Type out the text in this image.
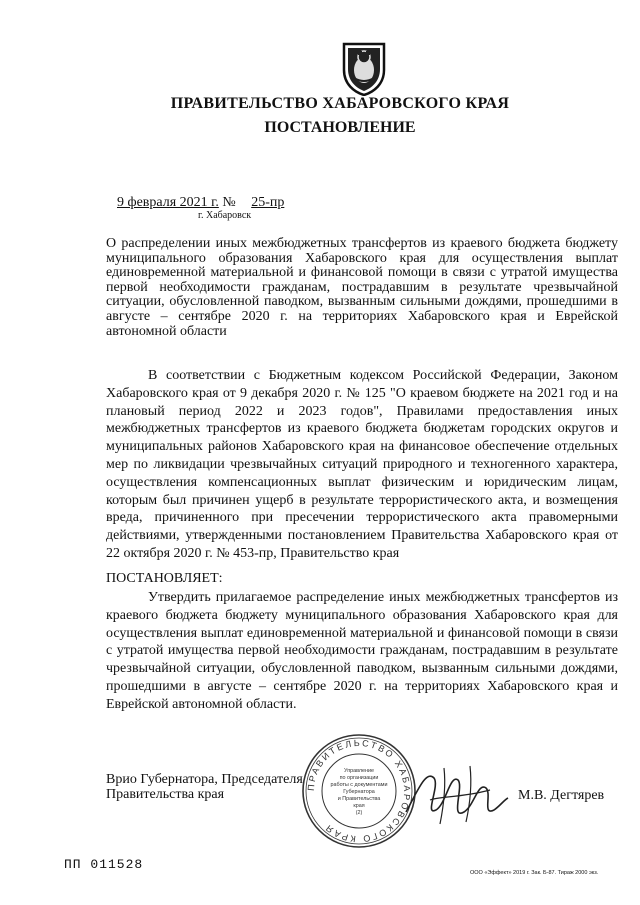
ПРАВИТЕЛЬСТВО ХАБАРОВСКОГО КРАЯ
ПОСТАНОВЛЕНИЕ
9 февраля 2021 г. № 25-пр
г. Хабаровск
О распределении иных межбюджетных трансфертов из краевого бюджета бюджету муниципального образования Хабаровского края для осуществления выплат единовременной материальной и финансовой помощи в связи с утратой имущества первой необходимости гражданам, пострадавшим в результате чрезвычайной ситуации, обусловленной паводком, вызванным сильными дождями, прошедшими в августе – сентябре 2020 г. на территориях Хабаровского края и Еврейской автономной области
В соответствии с Бюджетным кодексом Российской Федерации, Законом Хабаровского края от 9 декабря 2020 г. № 125 "О краевом бюджете на 2021 год и на плановый период 2022 и 2023 годов", Правилами предоставления иных межбюджетных трансфертов из краевого бюджета бюджетам городских округов и муниципальных районов Хабаровского края на финансовое обеспечение отдельных мер по ликвидации чрезвычайных ситуаций природного и техногенного характера, осуществления компенсационных выплат физическим и юридическим лицам, которым был причинен ущерб в результате террористического акта, и возмещения вреда, причиненного при пресечении террористического акта правомерными действиями, утвержденными постановлением Правительства Хабаровского края от 22 октября 2020 г. № 453-пр, Правительство края
ПОСТАНОВЛЯЕТ:
Утвердить прилагаемое распределение иных межбюджетных трансфертов из краевого бюджета бюджету муниципального образования Хабаровского края для осуществления выплат единовременной материальной и финансовой помощи в связи с утратой имущества первой необходимости гражданам, пострадавшим в результате чрезвычайной ситуации, обусловленной паводком, вызванным сильными дождями, прошедшими в августе – сентябре 2020 г. на территориях Хабаровского края и Еврейской автономной области.
Врио Губернатора, Председателя
Правительства края	М.В. Дегтярев
ПРАВИТЕЛЬСТВО ХАБАРОВСКОГО КРАЯ
Управление
по организации
работы с документами
Губернатора
и Правительства
края
(2)
ПП 011528
ООО «Эффект» 2019 г. Зак. Б-87. Тираж 2000 экз.
